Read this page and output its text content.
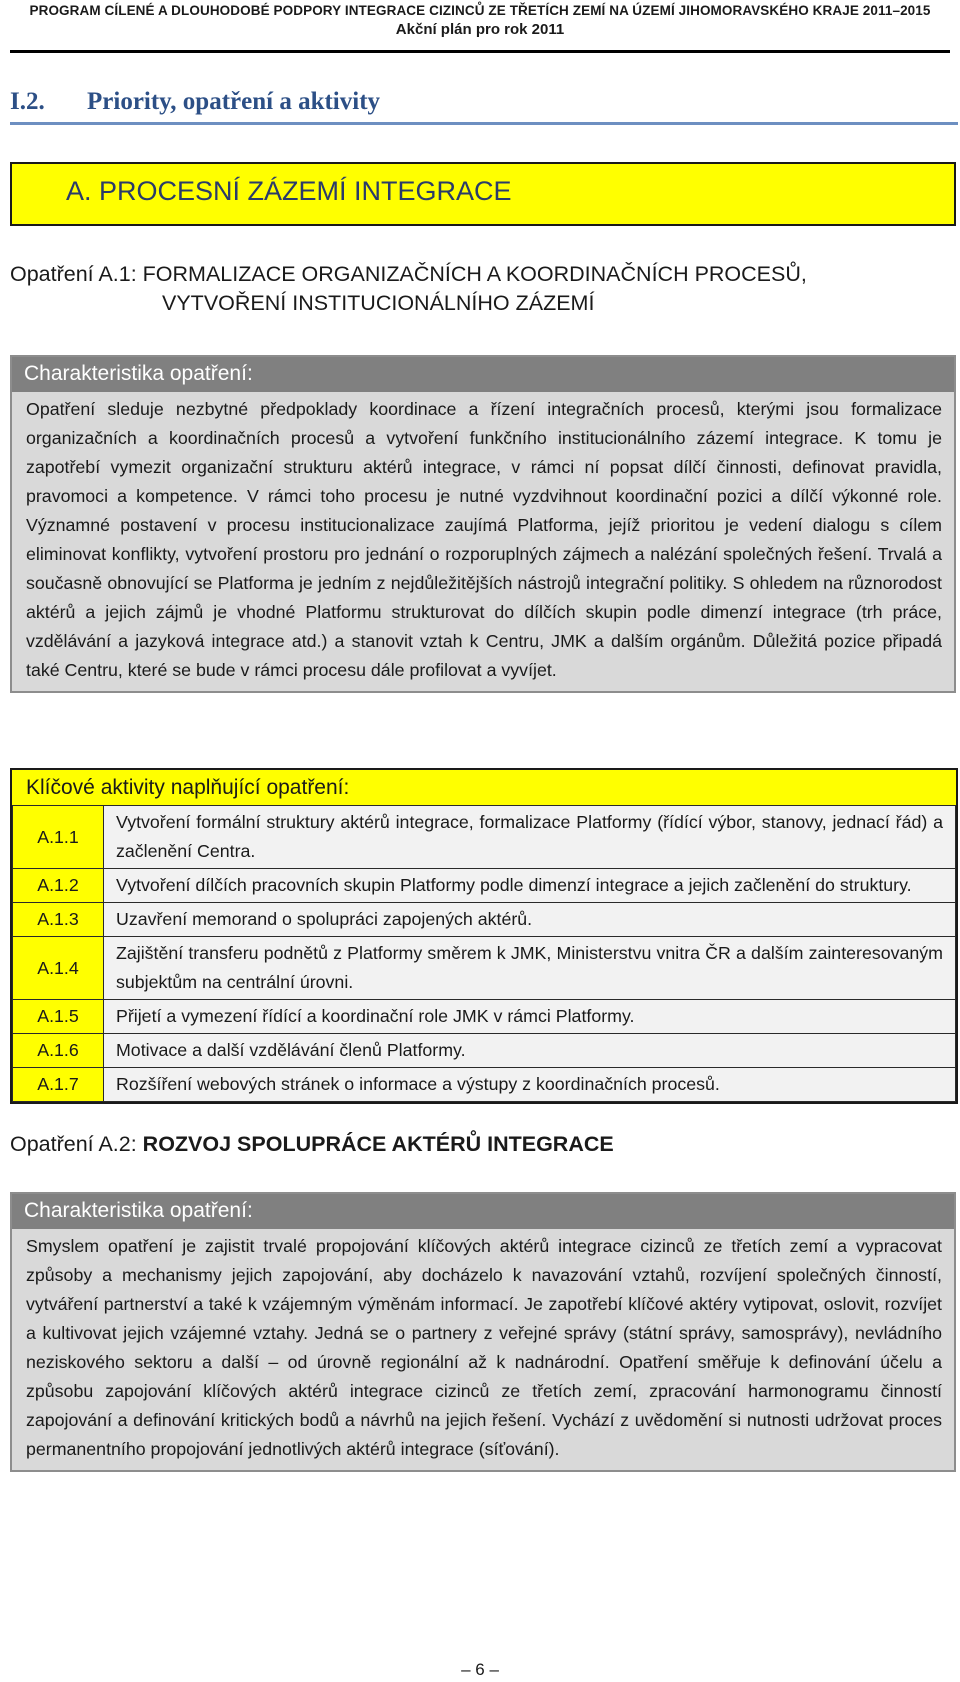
PROGRAM CÍLENÉ A DLOUHODOBÉ PODPORY INTEGRACE CIZINCŮ ZE TŘETÍCH ZEMÍ NA ÚZEMÍ JIHOMORAVSKÉHO KRAJE 2011–2015
Akční plán pro rok 2011
I.2. Priority, opatření a aktivity
A. PROCESNÍ ZÁZEMÍ INTEGRACE
Opatření A.1: FORMALIZACE ORGANIZAČNÍCH A KOORDINAČNÍCH PROCESŮ,
VYTVOŘENÍ INSTITUCIONÁLNÍHO ZÁZEMÍ
Charakteristika opatření:
Opatření sleduje nezbytné předpoklady koordinace a řízení integračních procesů, kterými jsou formalizace organizačních a koordinačních procesů a vytvoření funkčního institucionálního zázemí integrace. K tomu je zapotřebí vymezit organizační strukturu aktérů integrace, v rámci ní popsat dílčí činnosti, definovat pravidla, pravomoci a kompetence. V rámci toho procesu je nutné vyzdvihnout koordinační pozici a dílčí výkonné role. Významné postavení v procesu institucionalizace zaujímá Platforma, jejíž prioritou je vedení dialogu s cílem eliminovat konflikty, vytvoření prostoru pro jednání o rozporuplných zájmech a nalézání společných řešení. Trvalá a současně obnovující se Platforma je jedním z nejdůležitějších nástrojů integrační politiky. S ohledem na různorodost aktérů a jejich zájmů je vhodné Platformu strukturovat do dílčích skupin podle dimenzí integrace (trh práce, vzdělávání a jazyková integrace atd.) a stanovit vztah k Centru, JMK a dalším orgánům. Důležitá pozice připadá také Centru, které se bude v rámci procesu dále profilovat a vyvíjet.
Klíčové aktivity naplňující opatření:
A.1.1	Vytvoření formální struktury aktérů integrace, formalizace Platformy (řídící výbor, stanovy, jednací řád) a začlenění Centra.
A.1.2	Vytvoření dílčích pracovních skupin Platformy podle dimenzí integrace a jejich začlenění do struktury.
A.1.3	Uzavření memorand o spolupráci zapojených aktérů.
A.1.4	Zajištění transferu podnětů z Platformy směrem k JMK, Ministerstvu vnitra ČR a dalším zainteresovaným subjektům na centrální úrovni.
A.1.5	Přijetí a vymezení řídící a koordinační role JMK v rámci Platformy.
A.1.6	Motivace a další vzdělávání členů Platformy.
A.1.7	Rozšíření webových stránek o informace a výstupy z koordinačních procesů.
Opatření A.2: ROZVOJ SPOLUPRÁCE AKTÉRŮ INTEGRACE
Charakteristika opatření:
Smyslem opatření je zajistit trvalé propojování klíčových aktérů integrace cizinců ze třetích zemí a vypracovat způsoby a mechanismy jejich zapojování, aby docházelo k navazování vztahů, rozvíjení společných činností, vytváření partnerství a také k vzájemným výměnám informací. Je zapotřebí klíčové aktéry vytipovat, oslovit, rozvíjet a kultivovat jejich vzájemné vztahy. Jedná se o partnery z veřejné správy (státní správy, samosprávy), nevládního neziskového sektoru a další – od úrovně regionální až k nadnárodní. Opatření směřuje k definování účelu a způsobu zapojování klíčových aktérů integrace cizinců ze třetích zemí, zpracování harmonogramu činností zapojování a definování kritických bodů a návrhů na jejich řešení. Vychází z uvědomění si nutnosti udržovat proces permanentního propojování jednotlivých aktérů integrace (síťování).
– 6 –
